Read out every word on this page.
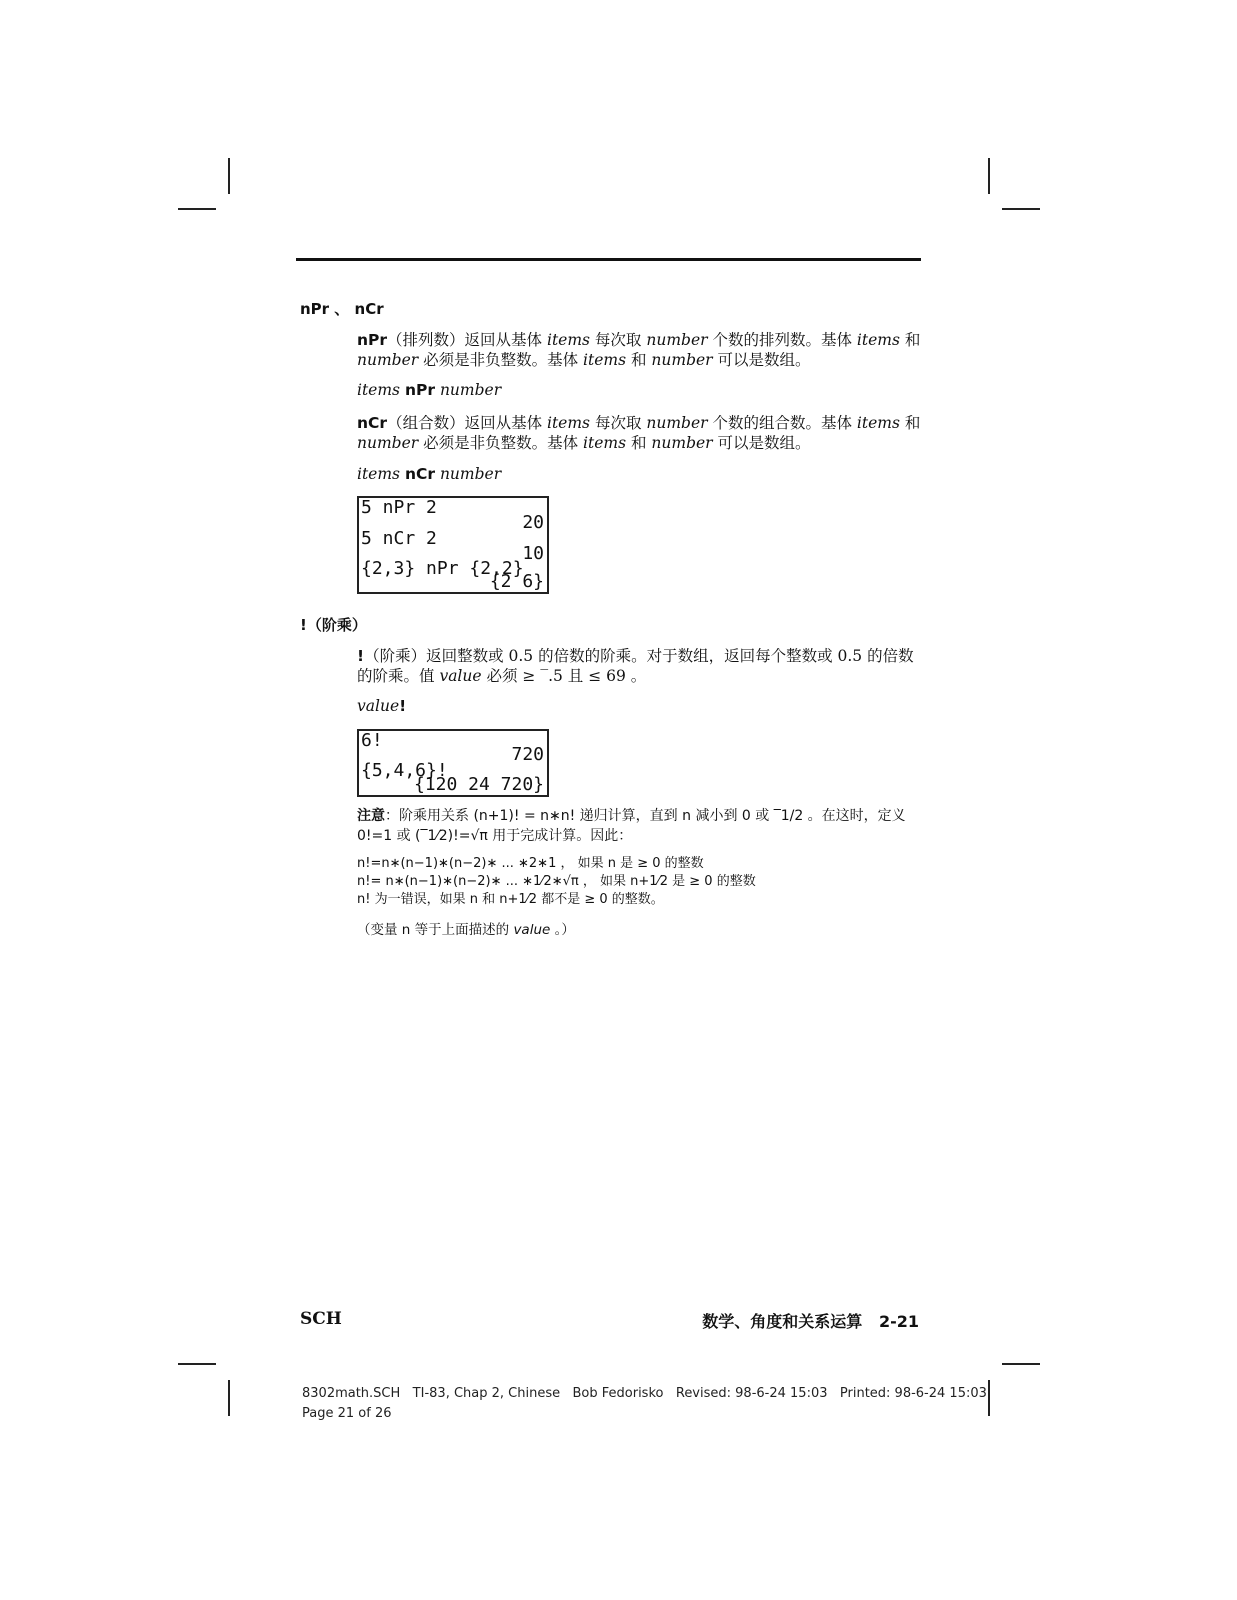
nPr 、 nCr
nPr（排列数）返回从基体 items 每次取 number 个数的排列数。基体 items 和 number 必须是非负整数。基体 items 和 number 可以是数组。
items nPr number
nCr（组合数）返回从基体 items 每次取 number 个数的组合数。基体 items 和 number 必须是非负整数。基体 items 和 number 可以是数组。
items nCr number
5 nPr 2
20
5 nCr 2
10
{2,3} nPr {2,2}
{2 6}
!（阶乘）
!（阶乘）返回整数或 0.5 的倍数的阶乘。对于数组，返回每个整数或 0.5 的倍数的阶乘。值 value 必须 ≥ ‾.5 且 ≤ 69 。
value!
6!
720
{5,4,6}!
{120 24 720}
注意：阶乘用关系 (n+1)! = n∗n! 递归计算，直到 n 减小到 0 或 ‾1/2 。在这时，定义 0!=1 或 (‾1⁄2)!=√π 用于完成计算。因此：
n!=n∗(n−1)∗(n−2)∗ ... ∗2∗1 ， 如果 n 是 ≥ 0 的整数
n!= n∗(n−1)∗(n−2)∗ ... ∗1⁄2∗√π ， 如果 n+1⁄2 是 ≥ 0 的整数
n! 为一错误，如果 n 和 n+1⁄2 都不是 ≥ 0 的整数。
（变量 n 等于上面描述的 value 。）
SCH	数学、角度和关系运算   2-21
8302math.SCH   TI-83, Chap 2, Chinese   Bob Fedorisko   Revised: 98-6-24 15:03   Printed: 98-6-24 15:03
Page 21 of 26
